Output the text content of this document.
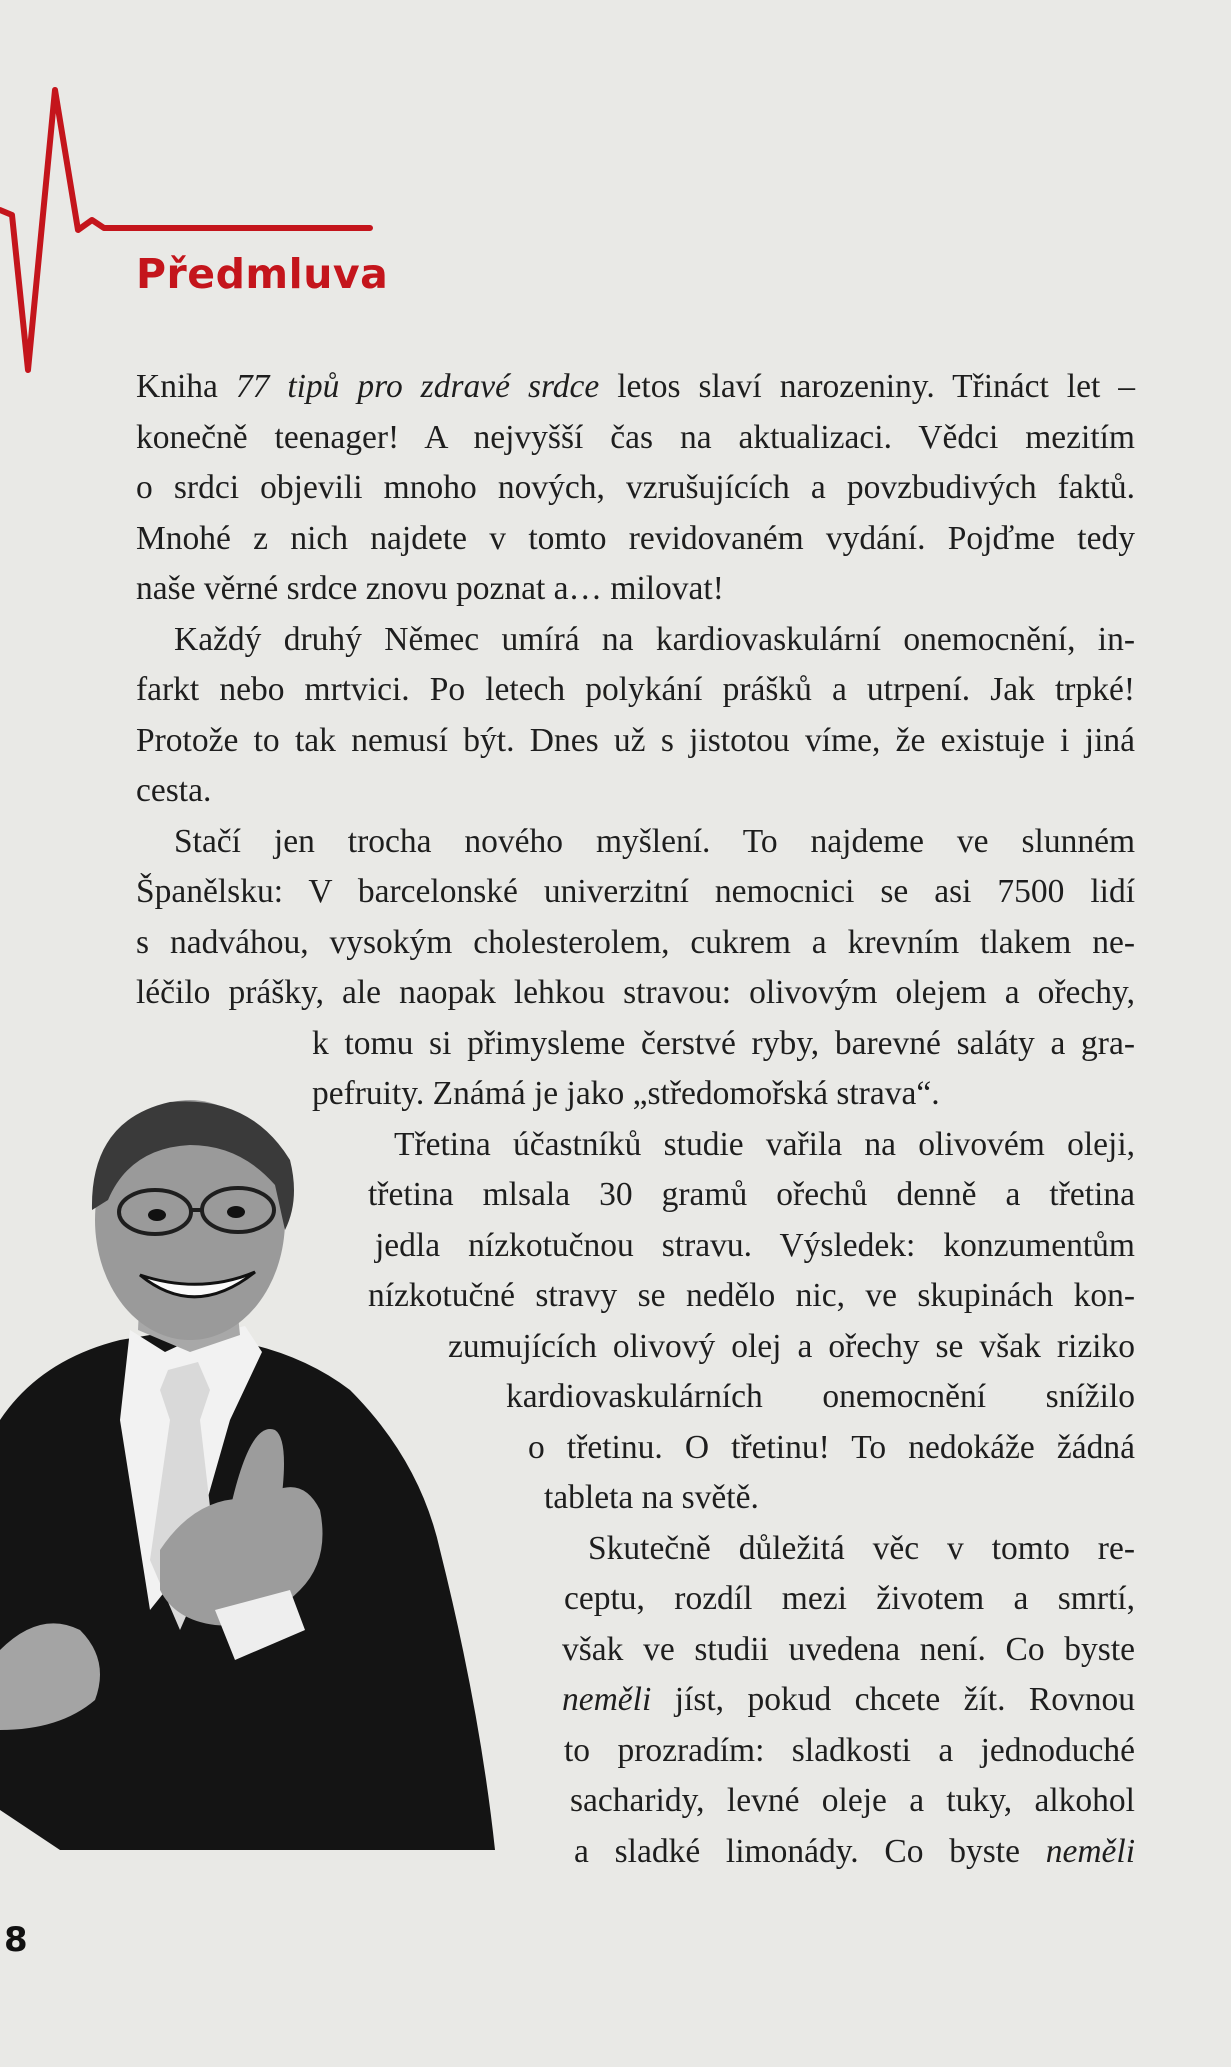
Předmluva
Kniha 77 tipů pro zdravé srdce letos slaví narozeniny. Třináct let –
konečně teenager! A nejvyšší čas na aktualizaci. Vědci mezitím
o srdci objevili mnoho nových, vzrušujících a povzbudivých faktů.
Mnohé z nich najdete v tomto revidovaném vydání. Pojďme tedy
naše věrné srdce znovu poznat a… milovat!
Každý druhý Němec umírá na kardiovaskulární onemocnění, in-
farkt nebo mrtvici. Po letech polykání prášků a utrpení. Jak trpké!
Protože to tak nemusí být. Dnes už s jistotou víme, že existuje i jiná
cesta.
Stačí jen trocha nového myšlení. To najdeme ve slunném
Španělsku: V barcelonské univerzitní nemocnici se asi 7500 lidí
s nadváhou, vysokým cholesterolem, cukrem a krevním tlakem ne-
léčilo prášky, ale naopak lehkou stravou: olivovým olejem a ořechy,
k tomu si přimysleme čerstvé ryby, barevné saláty a gra-
pefruity. Známá je jako „středomořská strava“.
Třetina účastníků studie vařila na olivovém oleji,
třetina mlsala 30 gramů ořechů denně a třetina
jedla nízkotučnou stravu. Výsledek: konzumentům
nízkotučné stravy se nedělo nic, ve skupinách kon-
zumujících olivový olej a ořechy se však riziko
kardiovaskulárních onemocnění snížilo
o třetinu. O třetinu! To nedokáže žádná
tableta na světě.
Skutečně důležitá věc v tomto re-
ceptu, rozdíl mezi životem a smrtí,
však ve studii uvedena není. Co byste
neměli jíst, pokud chcete žít. Rovnou
to prozradím: sladkosti a jednoduché
sacharidy, levné oleje a tuky, alkohol
a sladké limonády. Co byste neměli
8
